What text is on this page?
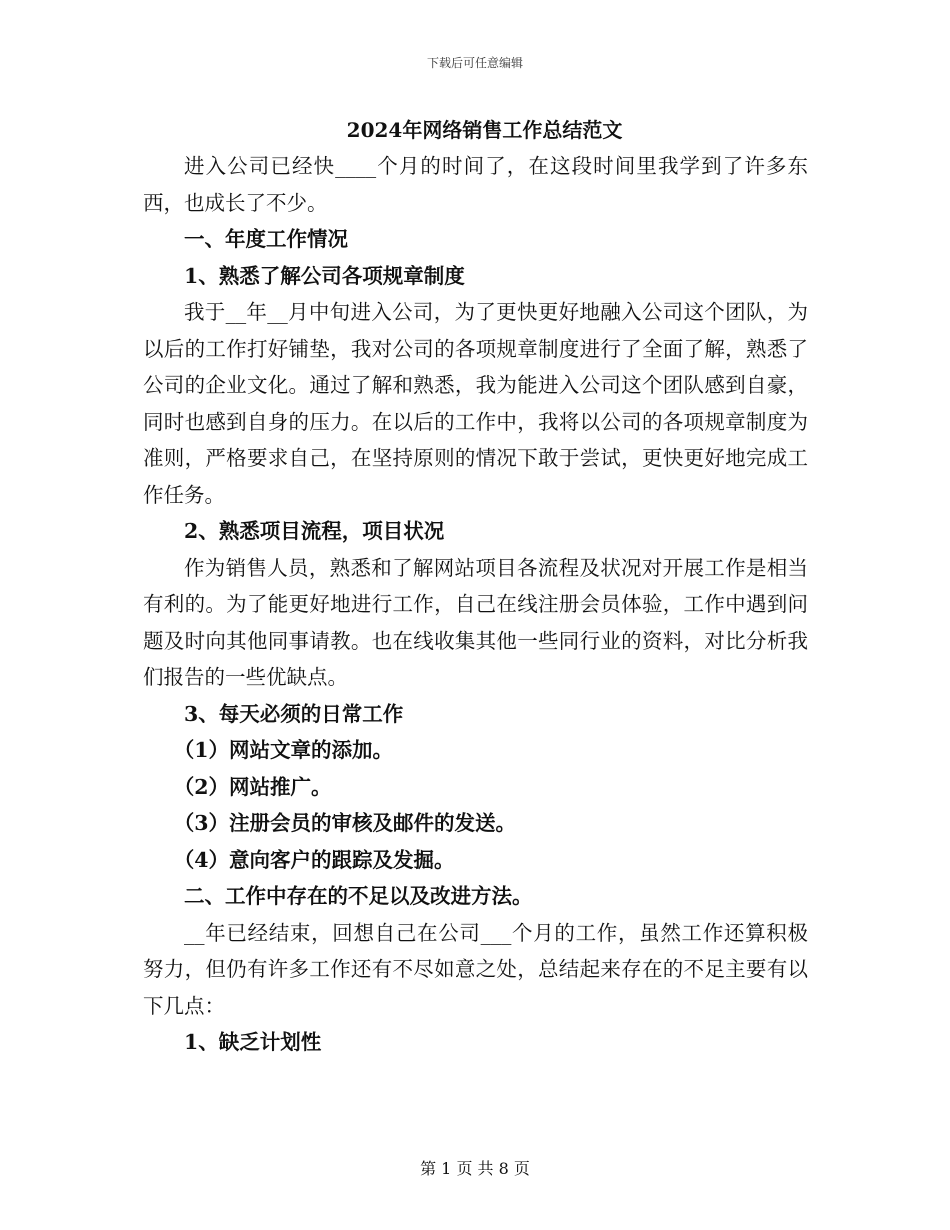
下载后可任意编辑
2024年网络销售工作总结范文

进入公司已经快____个月的时间了，在这段时间里我学到了许多东西，也成长了不少。

一、年度工作情况

1、熟悉了解公司各项规章制度

我于__年__月中旬进入公司，为了更快更好地融入公司这个团队，为以后的工作打好铺垫，我对公司的各项规章制度进行了全面了解，熟悉了公司的企业文化。通过了解和熟悉，我为能进入公司这个团队感到自豪，同时也感到自身的压力。在以后的工作中，我将以公司的各项规章制度为准则，严格要求自己，在坚持原则的情况下敢于尝试，更快更好地完成工作任务。

2、熟悉项目流程，项目状况

作为销售人员，熟悉和了解网站项目各流程及状况对开展工作是相当有利的。为了能更好地进行工作，自己在线注册会员体验，工作中遇到问题及时向其他同事请教。也在线收集其他一些同行业的资料，对比分析我们报告的一些优缺点。

3、每天必须的日常工作

（1）网站文章的添加。

（2）网站推广。

（3）注册会员的审核及邮件的发送。

（4）意向客户的跟踪及发掘。

二、工作中存在的不足以及改进方法。

__年已经结束，回想自己在公司___个月的工作，虽然工作还算积极努力，但仍有许多工作还有不尽如意之处，总结起来存在的不足主要有以下几点：

1、缺乏计划性

第 1 页 共 8 页
